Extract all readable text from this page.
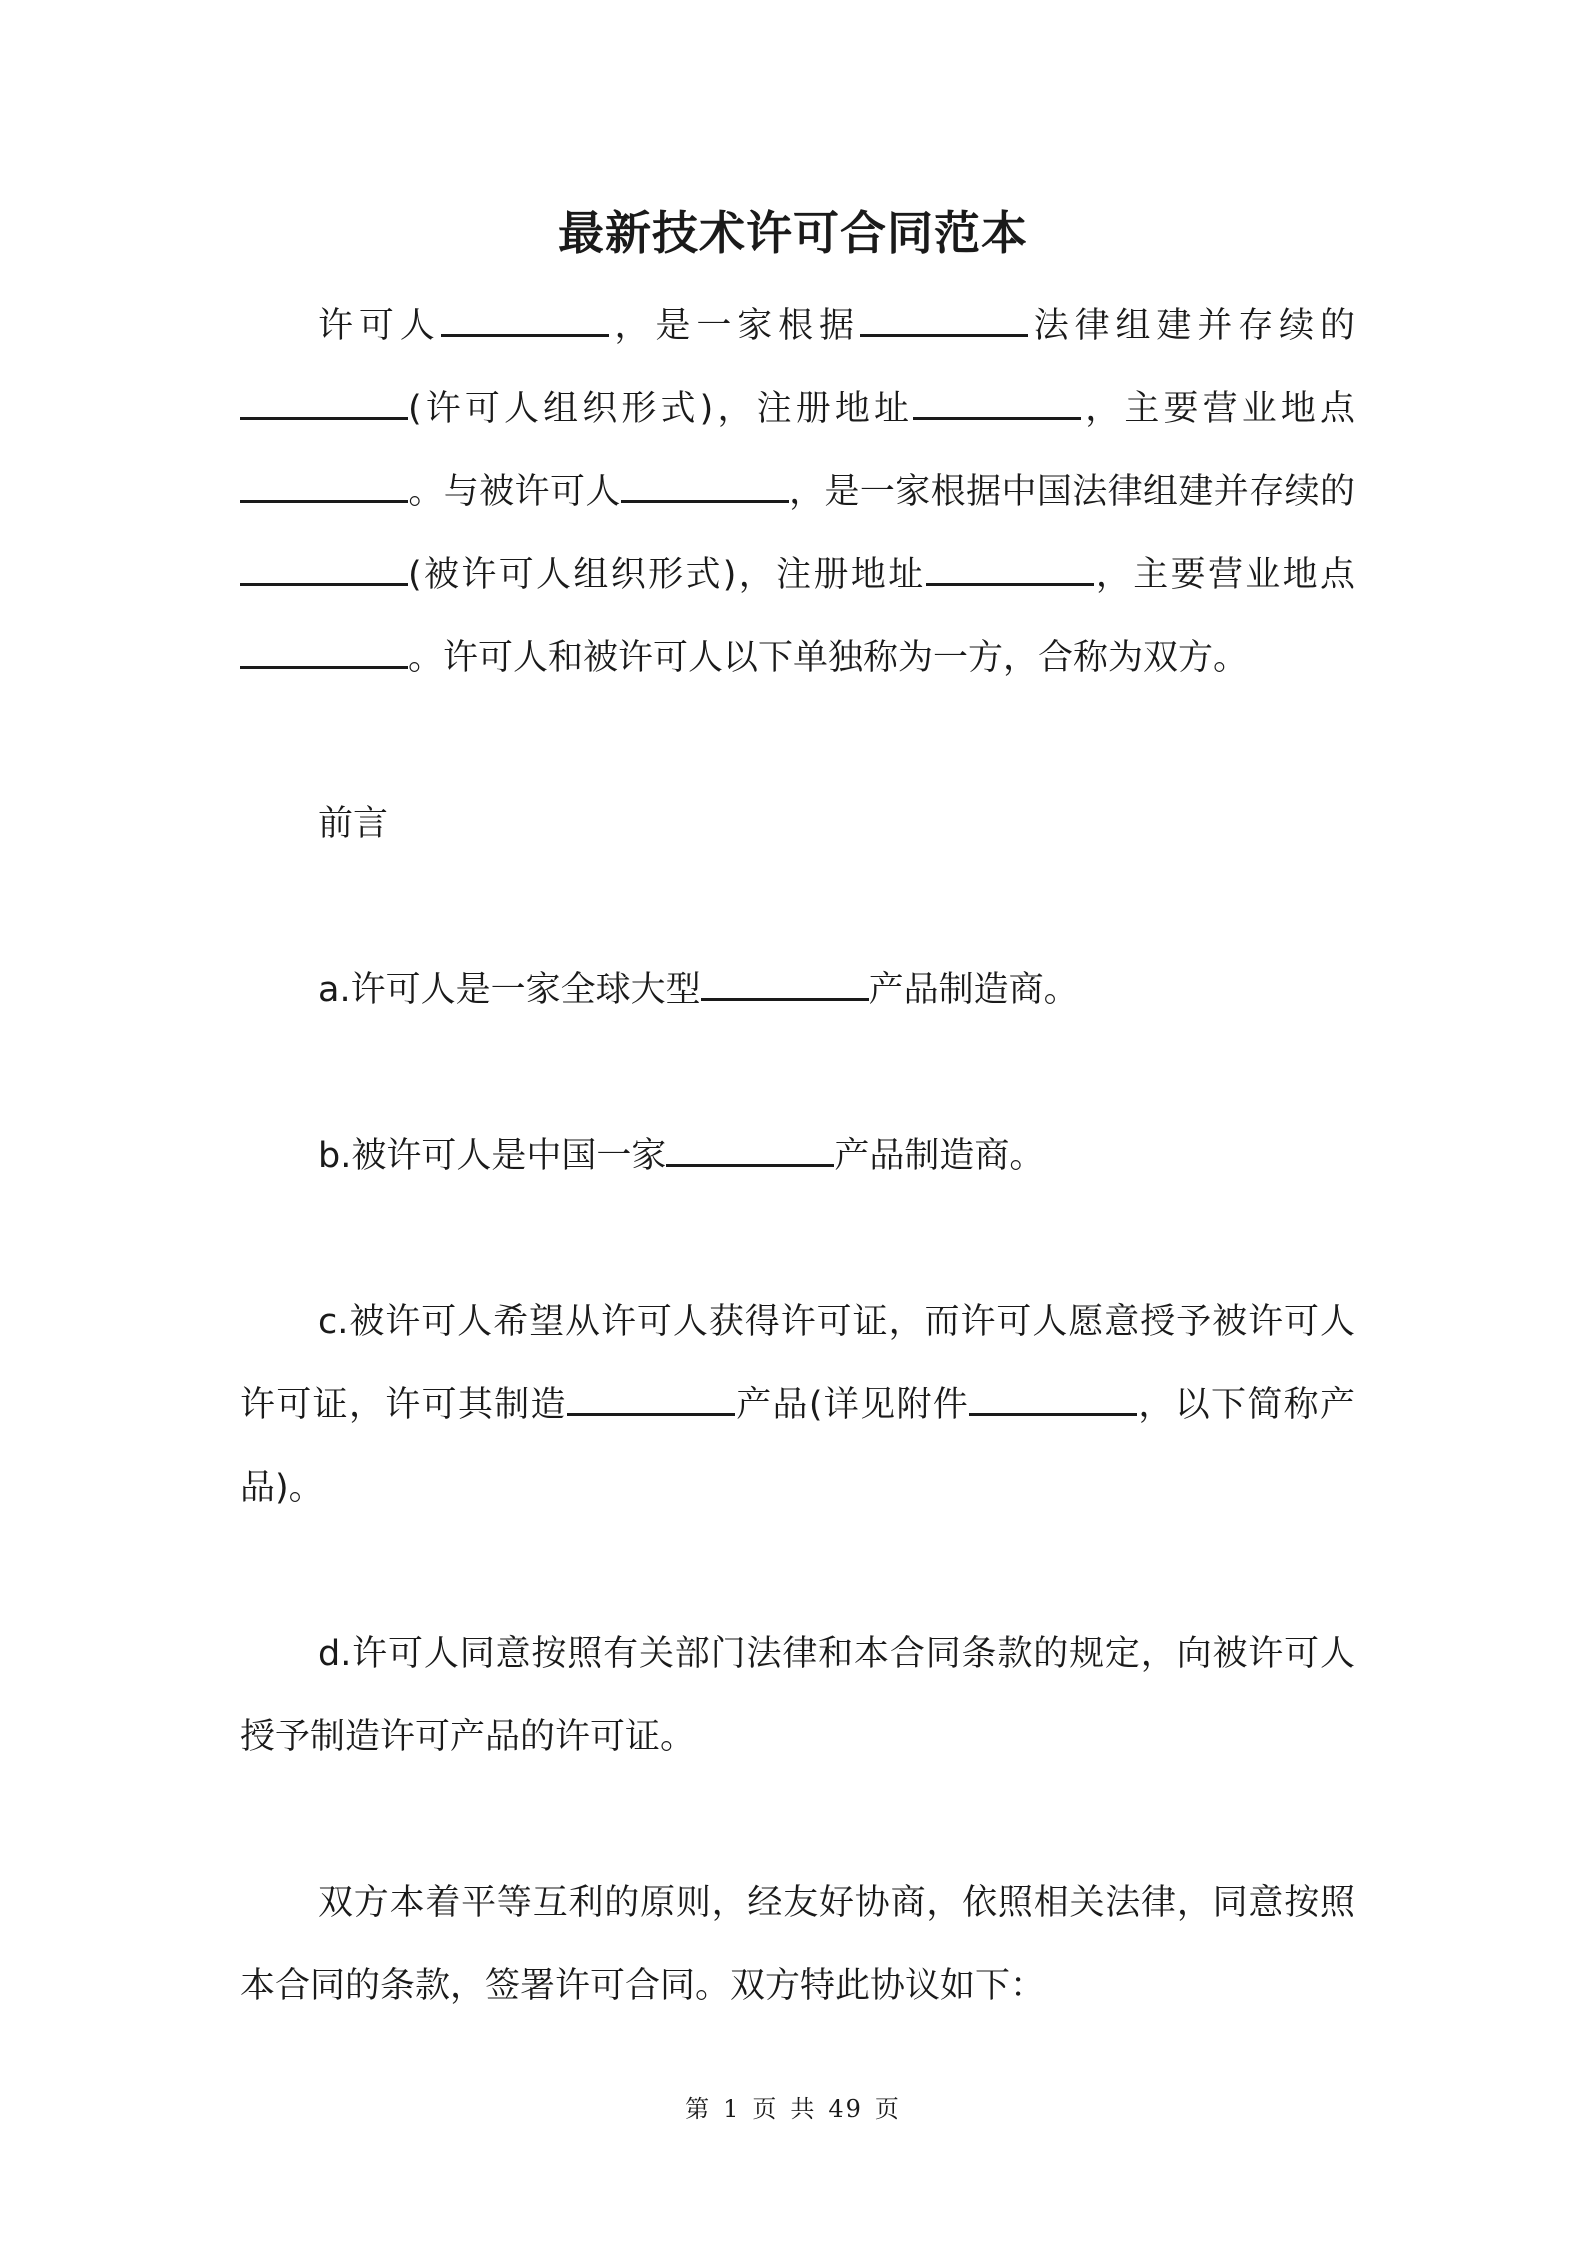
最新技术许可合同范本

许可人	，是一家根据	法律组建并存续的(许可人组织形式)，注册地址	，主要营业地点。与被许可人	，是一家根据中国法律组建并存续的(被许可人组织形式)，注册地址	，主要营业地点。许可人和被许可人以下单独称为一方，合称为双方。

前言

a.许可人是一家全球大型	产品制造商。

b.被许可人是中国一家	产品制造商。

c.被许可人希望从许可人获得许可证，而许可人愿意授予被许可人许可证，许可其制造	产品(详见附件	，以下简称产品)。

d.许可人同意按照有关部门法律和本合同条款的规定，向被许可人授予制造许可产品的许可证。

双方本着平等互利的原则，经友好协商，依照相关法律，同意按照本合同的条款，签署许可合同。双方特此协议如下：

第 1 页 共 49 页
